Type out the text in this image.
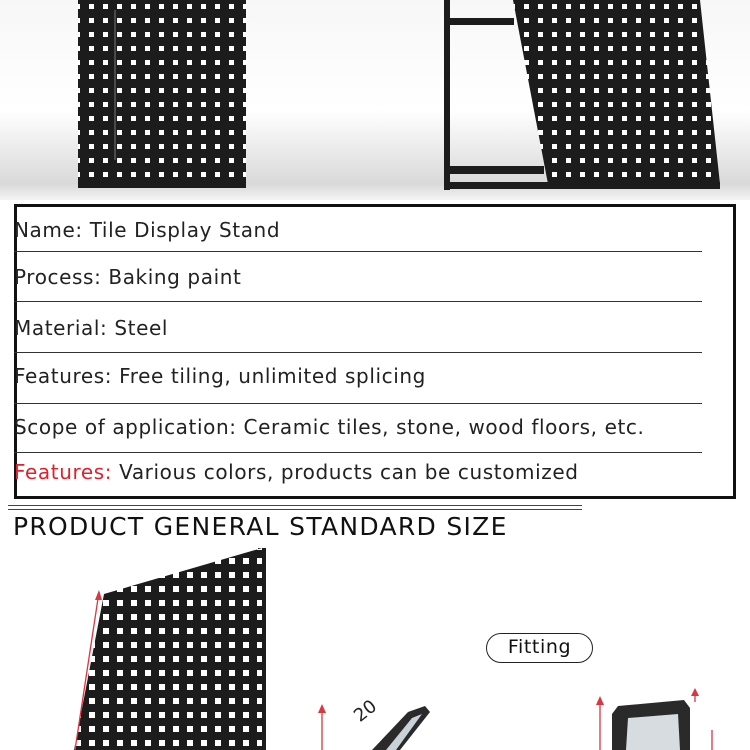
Name: Tile Display Stand
Process: Baking paint
Material: Steel
Features: Free tiling, unlimited splicing
Scope of application: Ceramic tiles, stone, wood floors, etc.
Features: Various colors, products can be customized
PRODUCT GENERAL STANDARD SIZE
Fitting
20
